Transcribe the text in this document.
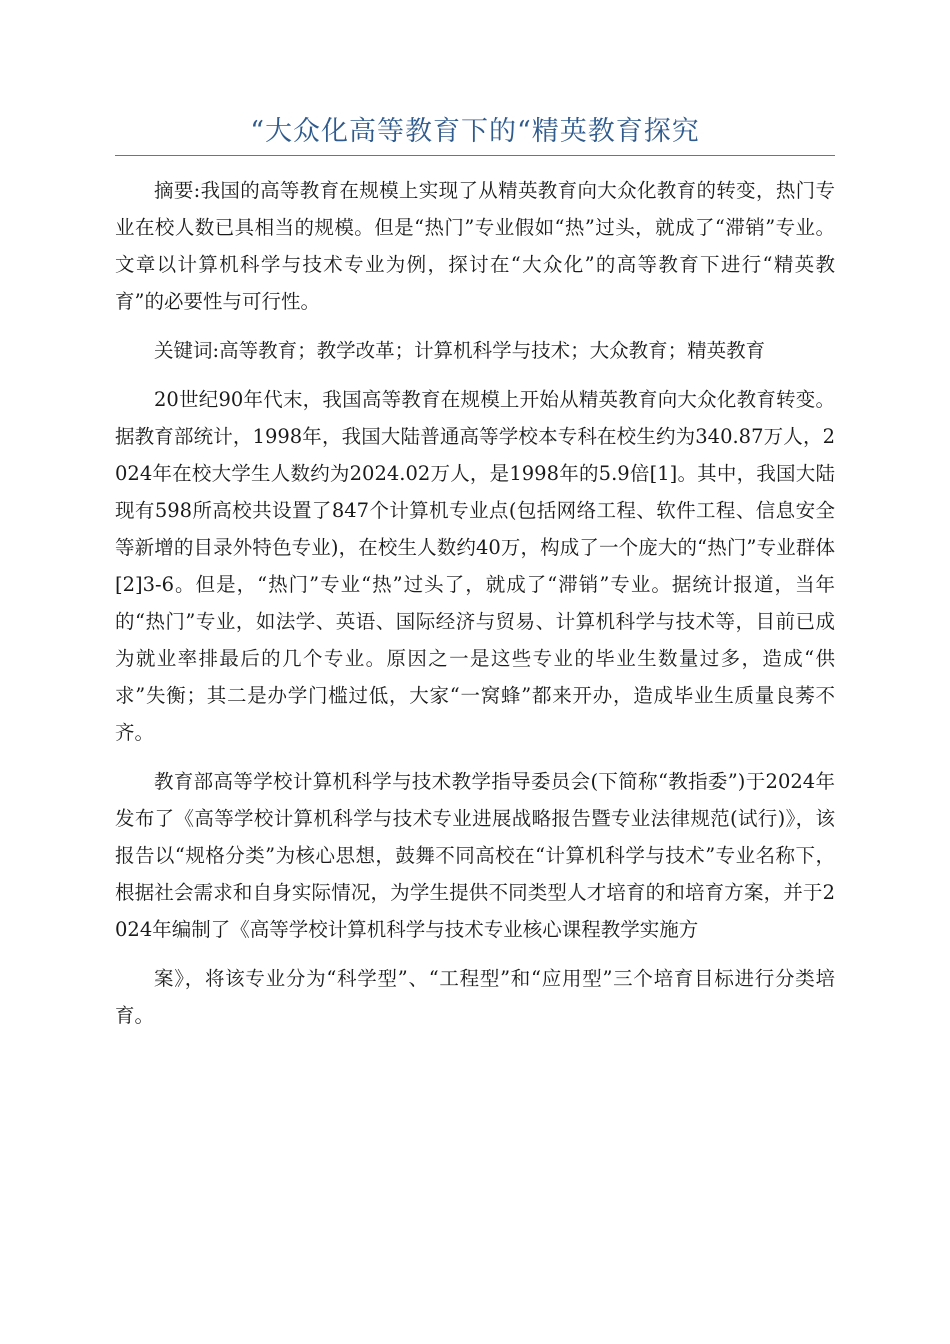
“大众化高等教育下的“精英教育探究

摘要:我国的高等教育在规模上实现了从精英教育向大众化教育的转变，热门专业在校人数已具相当的规模。但是“热门”专业假如“热”过头，就成了“滞销”专业。文章以计算机科学与技术专业为例，探讨在“大众化”的高等教育下进行“精英教育”的必要性与可行性。

关键词:高等教育；教学改革；计算机科学与技术；大众教育；精英教育

20世纪90年代末，我国高等教育在规模上开始从精英教育向大众化教育转变。据教育部统计，1998年，我国大陆普通高等学校本专科在校生约为340.87万人，2024年在校大学生人数约为2024.02万人，是1998年的5.9倍[1]。其中，我国大陆现有598所高校共设置了847个计算机专业点(包括网络工程、软件工程、信息安全等新增的目录外特色专业)，在校生人数约40万，构成了一个庞大的“热门”专业群体[2]3-6。但是，“热门”专业“热”过头了，就成了“滞销”专业。据统计报道，当年的“热门”专业，如法学、英语、国际经济与贸易、计算机科学与技术等，目前已成为就业率排最后的几个专业。原因之一是这些专业的毕业生数量过多，造成“供求”失衡；其二是办学门槛过低，大家“一窝蜂”都来开办，造成毕业生质量良莠不齐。

教育部高等学校计算机科学与技术教学指导委员会(下简称“教指委”)于2024年发布了《高等学校计算机科学与技术专业进展战略报告暨专业法律规范(试行)》，该报告以“规格分类”为核心思想，鼓舞不同高校在“计算机科学与技术”专业名称下，根据社会需求和自身实际情况，为学生提供不同类型人才培育的和培育方案，并于2024年编制了《高等学校计算机科学与技术专业核心课程教学实施方

案》，将该专业分为“科学型”、“工程型”和“应用型”三个培育目标进行分类培育。
